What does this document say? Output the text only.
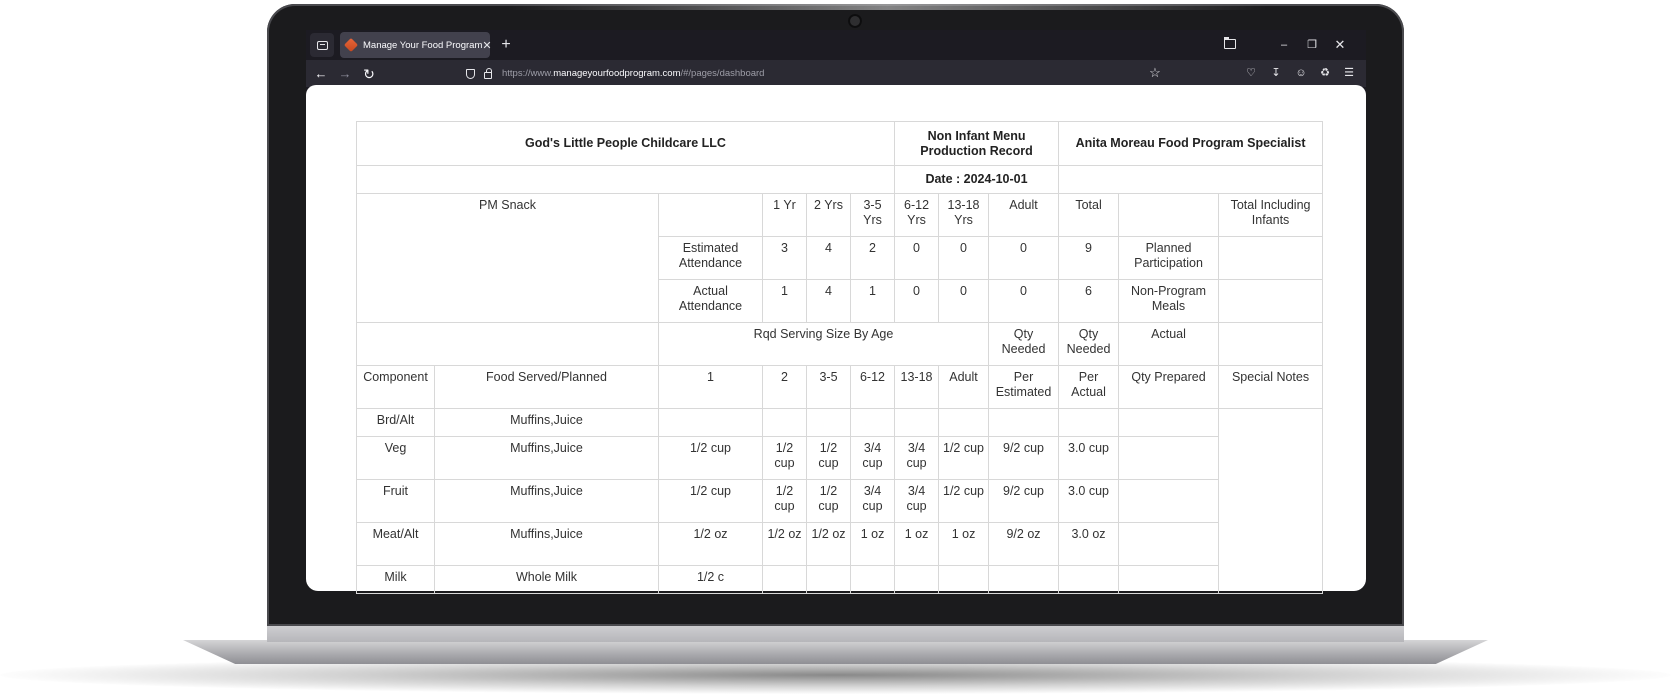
Manage Your Food Program ✕ +	–	❐	✕
← → ↻	https://www.manageyourfoodprogram.com/#/pages/dashboard	☆	♡	↧	☺	♻	☰
God's Little People Childcare LLC						Non Infant Menu Production Record			Anita Moreau Food Program Specialist		
						Date : 2024-10-01					
PM Snack			1 Yr	2 Yrs	3-5 Yrs	6-12 Yrs	13-18 Yrs	Adult	Total		Total Including Infants
		Estimated Attendance	3	4	2	0	0	0	9	Planned Participation	
		Actual Attendance	1	4	1	0	0	0	6	Non-Program Meals	
		Rqd Serving Size By Age						Qty Needed	Qty Needed	Actual	
Component	Food Served/Planned	1	2	3-5	6-12	13-18	Adult	Per Estimated	Per Actual	Qty Prepared	Special Notes
Brd/Alt	Muffins,Juice										
Veg	Muffins,Juice	1/2 cup	1/2 cup	1/2 cup	3/4 cup	3/4 cup	1/2 cup	9/2 cup	3.0 cup		
Fruit	Muffins,Juice	1/2 cup	1/2 cup	1/2 cup	3/4 cup	3/4 cup	1/2 cup	9/2 cup	3.0 cup		
Meat/Alt	Muffins,Juice	1/2 oz	1/2 oz	1/2 oz	1 oz	1 oz	1 oz	9/2 oz	3.0 oz		
Milk	Whole Milk	1/2 c									
